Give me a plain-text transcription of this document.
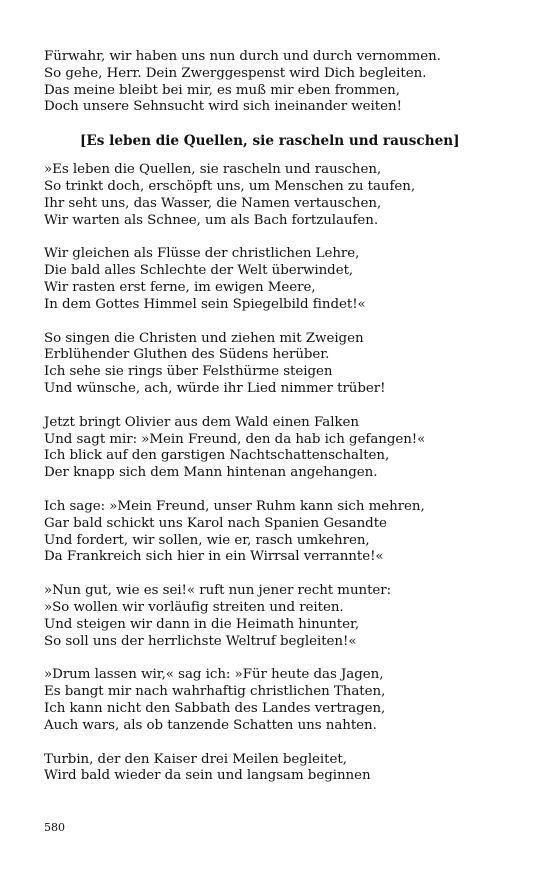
Fürwahr, wir haben uns nun durch und durch vernommen.
So gehe, Herr. Dein Zwerggespenst wird Dich begleiten.
Das meine bleibt bei mir, es muß mir eben frommen,
Doch unsere Sehnsucht wird sich ineinander weiten!
[Es leben die Quellen, sie rascheln und rauschen]
»Es leben die Quellen, sie rascheln und rauschen,
So trinkt doch, erschöpft uns, um Menschen zu taufen,
Ihr seht uns, das Wasser, die Namen vertauschen,
Wir warten als Schnee, um als Bach fortzulaufen.
Wir gleichen als Flüsse der christlichen Lehre,
Die bald alles Schlechte der Welt überwindet,
Wir rasten erst ferne, im ewigen Meere,
In dem Gottes Himmel sein Spiegelbild findet!«
So singen die Christen und ziehen mit Zweigen
Erblühender Gluthen des Südens herüber.
Ich sehe sie rings über Felsthürme steigen
Und wünsche, ach, würde ihr Lied nimmer trüber!
Jetzt bringt Olivier aus dem Wald einen Falken
Und sagt mir: »Mein Freund, den da hab ich gefangen!«
Ich blick auf den garstigen Nachtschattenschalten,
Der knapp sich dem Mann hintenan angehangen.
Ich sage: »Mein Freund, unser Ruhm kann sich mehren,
Gar bald schickt uns Karol nach Spanien Gesandte
Und fordert, wir sollen, wie er, rasch umkehren,
Da Frankreich sich hier in ein Wirrsal verrannte!«
»Nun gut, wie es sei!« ruft nun jener recht munter:
»So wollen wir vorläufig streiten und reiten.
Und steigen wir dann in die Heimath hinunter,
So soll uns der herrlichste Weltruf begleiten!«
»Drum lassen wir,« sag ich: »Für heute das Jagen,
Es bangt mir nach wahrhaftig christlichen Thaten,
Ich kann nicht den Sabbath des Landes vertragen,
Auch wars, als ob tanzende Schatten uns nahten.
Turbin, der den Kaiser drei Meilen begleitet,
Wird bald wieder da sein und langsam beginnen
580
